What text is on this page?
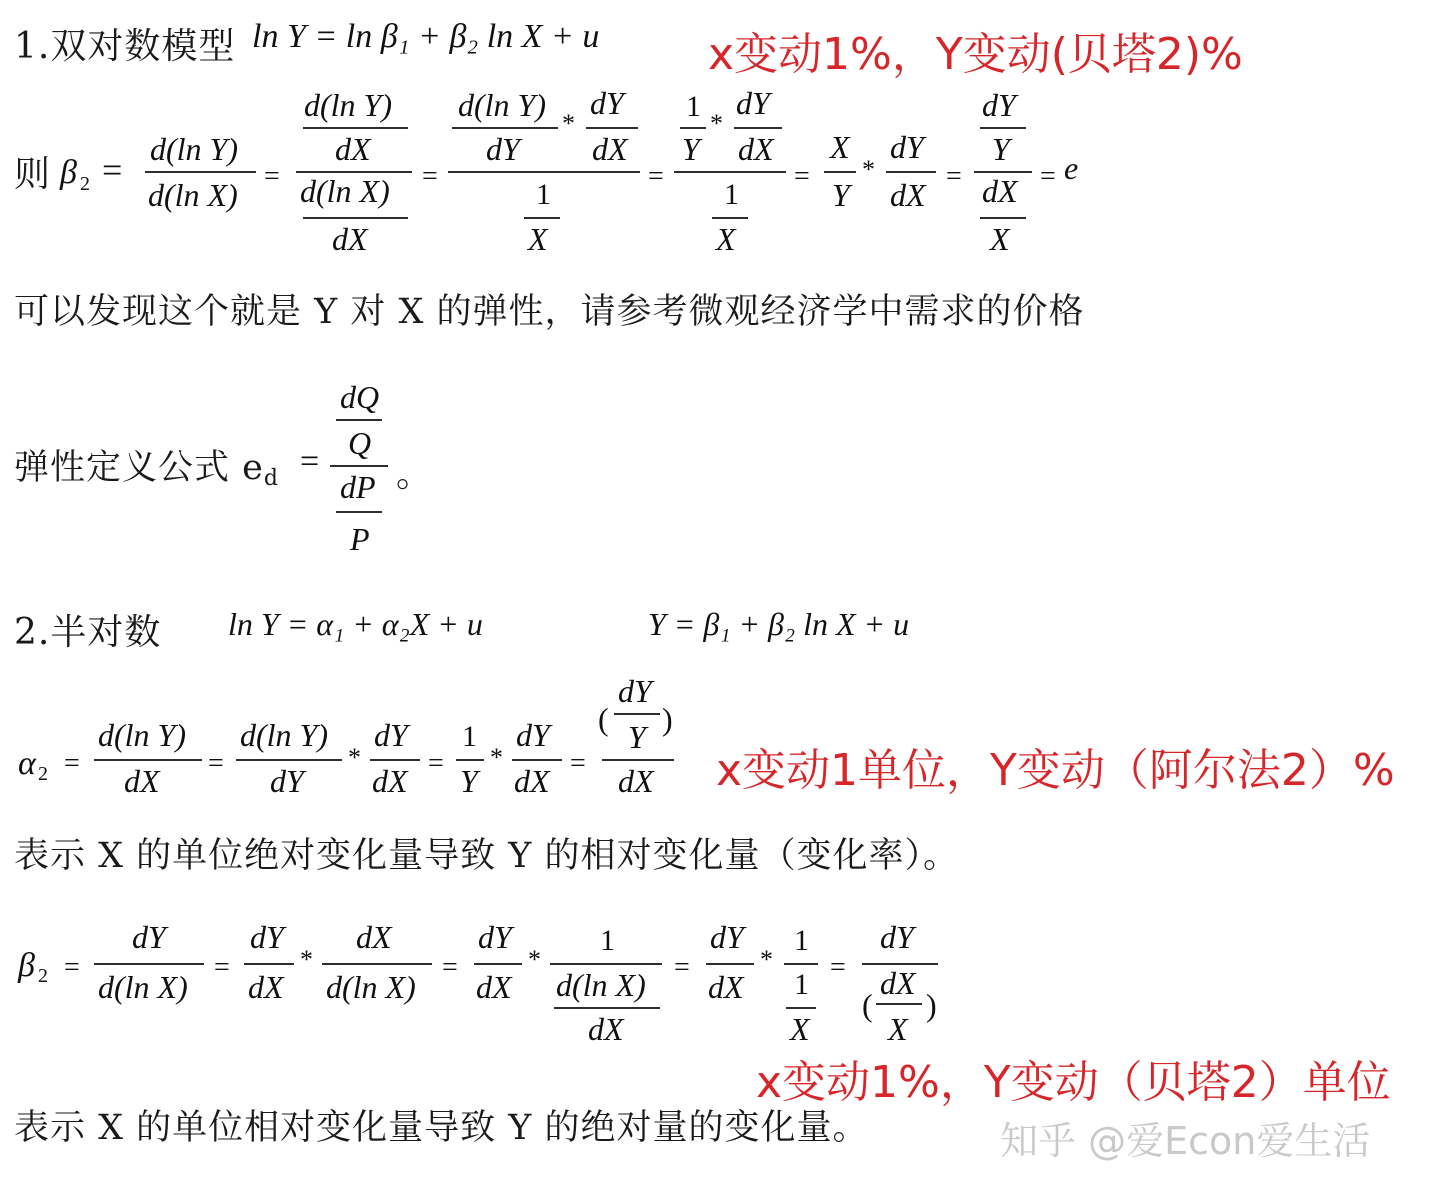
1.双对数模型 ln Y = ln β₁ + β₂ ln X + u x变动1%，Y变动(贝塔2)%
则 β 2 =
d(ln Y)
d(ln X)
=
d(ln Y)
dX
d(ln X)
dX
=
d(ln Y)
*
dY
dY dX
1
X
=
1
*
dY
Y dX
1
X
=
X
Y
*
dY
dX
=
dY
Y
dX
X
= e
可以发现这个就是 Y 对 X 的弹性，请参考微观经济学中需求的价格
弹性定义公式 ed =
dQ
Q
dP
P
。
2.半对数 ln Y = α₁ + α₂X + u	Y = β₁ + β₂ ln X + u
α 2 =
d(ln Y)
dX =
d(ln Y)
dY
*
dY
dX =
1
Y
*
dY
dX =
dY
( Y )
dX x变动1单位，Y变动（阿尔法2）%
表示 X 的单位绝对变化量导致 Y 的相对变化量（变化率）。
β 2 =
dY
d(ln X)
=
dY
dX
*
dX
d(ln X)
=
dY
dX
*
1
d(ln X)
dX
=
dY
dX
*
1
1
X
=
dY
(
dX
X
)
x变动1%，Y变动（贝塔2）单位
表示 X 的单位相对变化量导致 Y 的绝对量的变化量。	知乎 @爱Econ爱生活
